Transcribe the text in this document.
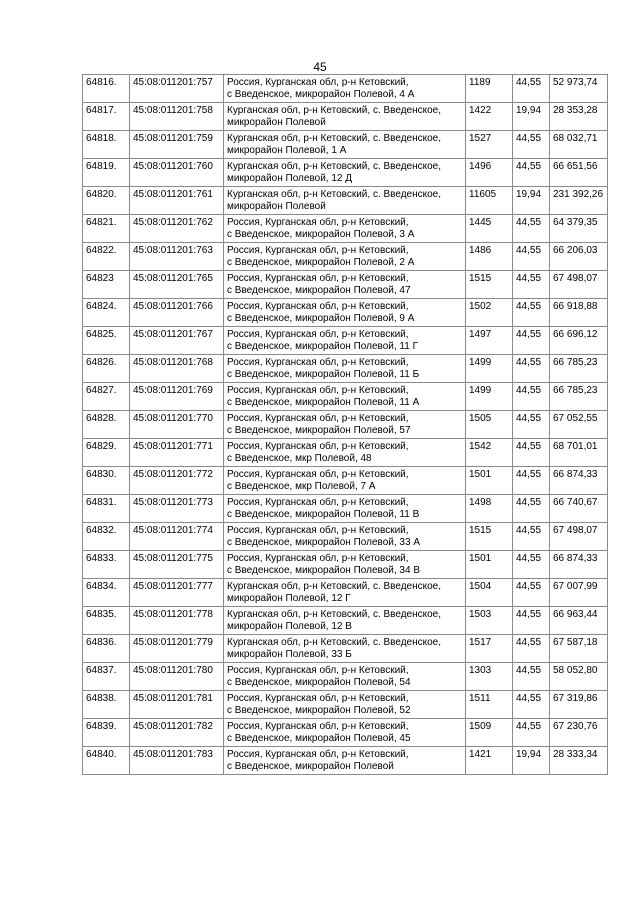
45
64816.	45:08:011201:757	Россия, Курганская обл, р-н Кетовский,
с Введенское, микрорайон Полевой, 4 А	1189	44,55	52 973,74
64817.	45:08:011201:758	Курганская обл, р-н Кетовский, с. Введенское,
микрорайон Полевой	1422	19,94	28 353,28
64818.	45:08:011201:759	Курганская обл, р-н Кетовский, с. Введенское,
микрорайон Полевой, 1 А	1527	44,55	68 032,71
64819.	45:08:011201:760	Курганская обл, р-н Кетовский, с. Введенское,
микрорайон Полевой, 12 Д	1496	44,55	66 651,56
64820.	45:08:011201:761	Курганская обл, р-н Кетовский, с. Введенское,
микрорайон Полевой	11605	19,94	231 392,26
64821.	45:08:011201:762	Россия, Курганская обл, р-н Кетовский,
с Введенское, микрорайон Полевой, 3 А	1445	44,55	64 379,35
64822.	45:08:011201:763	Россия, Курганская обл, р-н Кетовский,
с Введенское, микрорайон Полевой, 2 А	1486	44,55	66 206,03
64823	45:08:011201:765	Россия, Курганская обл, р-н Кетовский,
с Введенское, микрорайон Полевой, 47	1515	44,55	67 498,07
64824.	45:08:011201:766	Россия, Курганская обл, р-н Кетовский,
с Введенское, микрорайон Полевой, 9 А	1502	44,55	66 918,88
64825.	45:08:011201:767	Россия, Курганская обл, р-н Кетовский,
с Введенское, микрорайон Полевой, 11 Г	1497	44,55	66 696,12
64826.	45:08:011201:768	Россия, Курганская обл, р-н Кетовский,
с Введенское, микрорайон Полевой, 11 Б	1499	44,55	66 785,23
64827.	45:08:011201:769	Россия, Курганская обл, р-н Кетовский,
с Введенское, микрорайон Полевой, 11 А	1499	44,55	66 785,23
64828.	45:08:011201:770	Россия, Курганская обл, р-н Кетовский,
с Введенское, микрорайон Полевой, 57	1505	44,55	67 052,55
64829.	45:08:011201:771	Россия, Курганская обл, р-н Кетовский,
с Введенское, мкр Полевой, 48	1542	44,55	68 701,01
64830.	45:08:011201:772	Россия, Курганская обл, р-н Кетовский,
с Введенское, мкр Полевой, 7 А	1501	44,55	66 874,33
64831.	45:08:011201:773	Россия, Курганская обл, р-н Кетовский,
с Введенское, микрорайон Полевой, 11 В	1498	44,55	66 740,67
64832.	45:08:011201:774	Россия, Курганская обл, р-н Кетовский,
с Введенское, микрорайон Полевой, 33 А	1515	44,55	67 498,07
64833.	45:08:011201:775	Россия, Курганская обл, р-н Кетовский,
с Введенское, микрорайон Полевой, 34 В	1501	44,55	66 874,33
64834.	45:08:011201:777	Курганская обл, р-н Кетовский, с. Введенское,
микрорайон Полевой, 12 Г	1504	44,55	67 007,99
64835.	45:08:011201:778	Курганская обл, р-н Кетовский, с. Введенское,
микрорайон Полевой, 12 В	1503	44,55	66 963,44
64836.	45:08:011201:779	Курганская обл, р-н Кетовский, с. Введенское,
микрорайон Полевой, 33 Б	1517	44,55	67 587,18
64837.	45:08:011201:780	Россия, Курганская обл, р-н Кетовский,
с Введенское, микрорайон Полевой, 54	1303	44,55	58 052,80
64838.	45:08:011201:781	Россия, Курганская обл, р-н Кетовский,
с Введенское, микрорайон Полевой, 52	1511	44,55	67 319,86
64839.	45:08:011201:782	Россия, Курганская обл, р-н Кетовский,
с Введенское, микрорайон Полевой, 45	1509	44,55	67 230,76
64840.	45:08:011201:783	Россия, Курганская обл, р-н Кетовский,
с Введенское, микрорайон Полевой	1421	19,94	28 333,34
